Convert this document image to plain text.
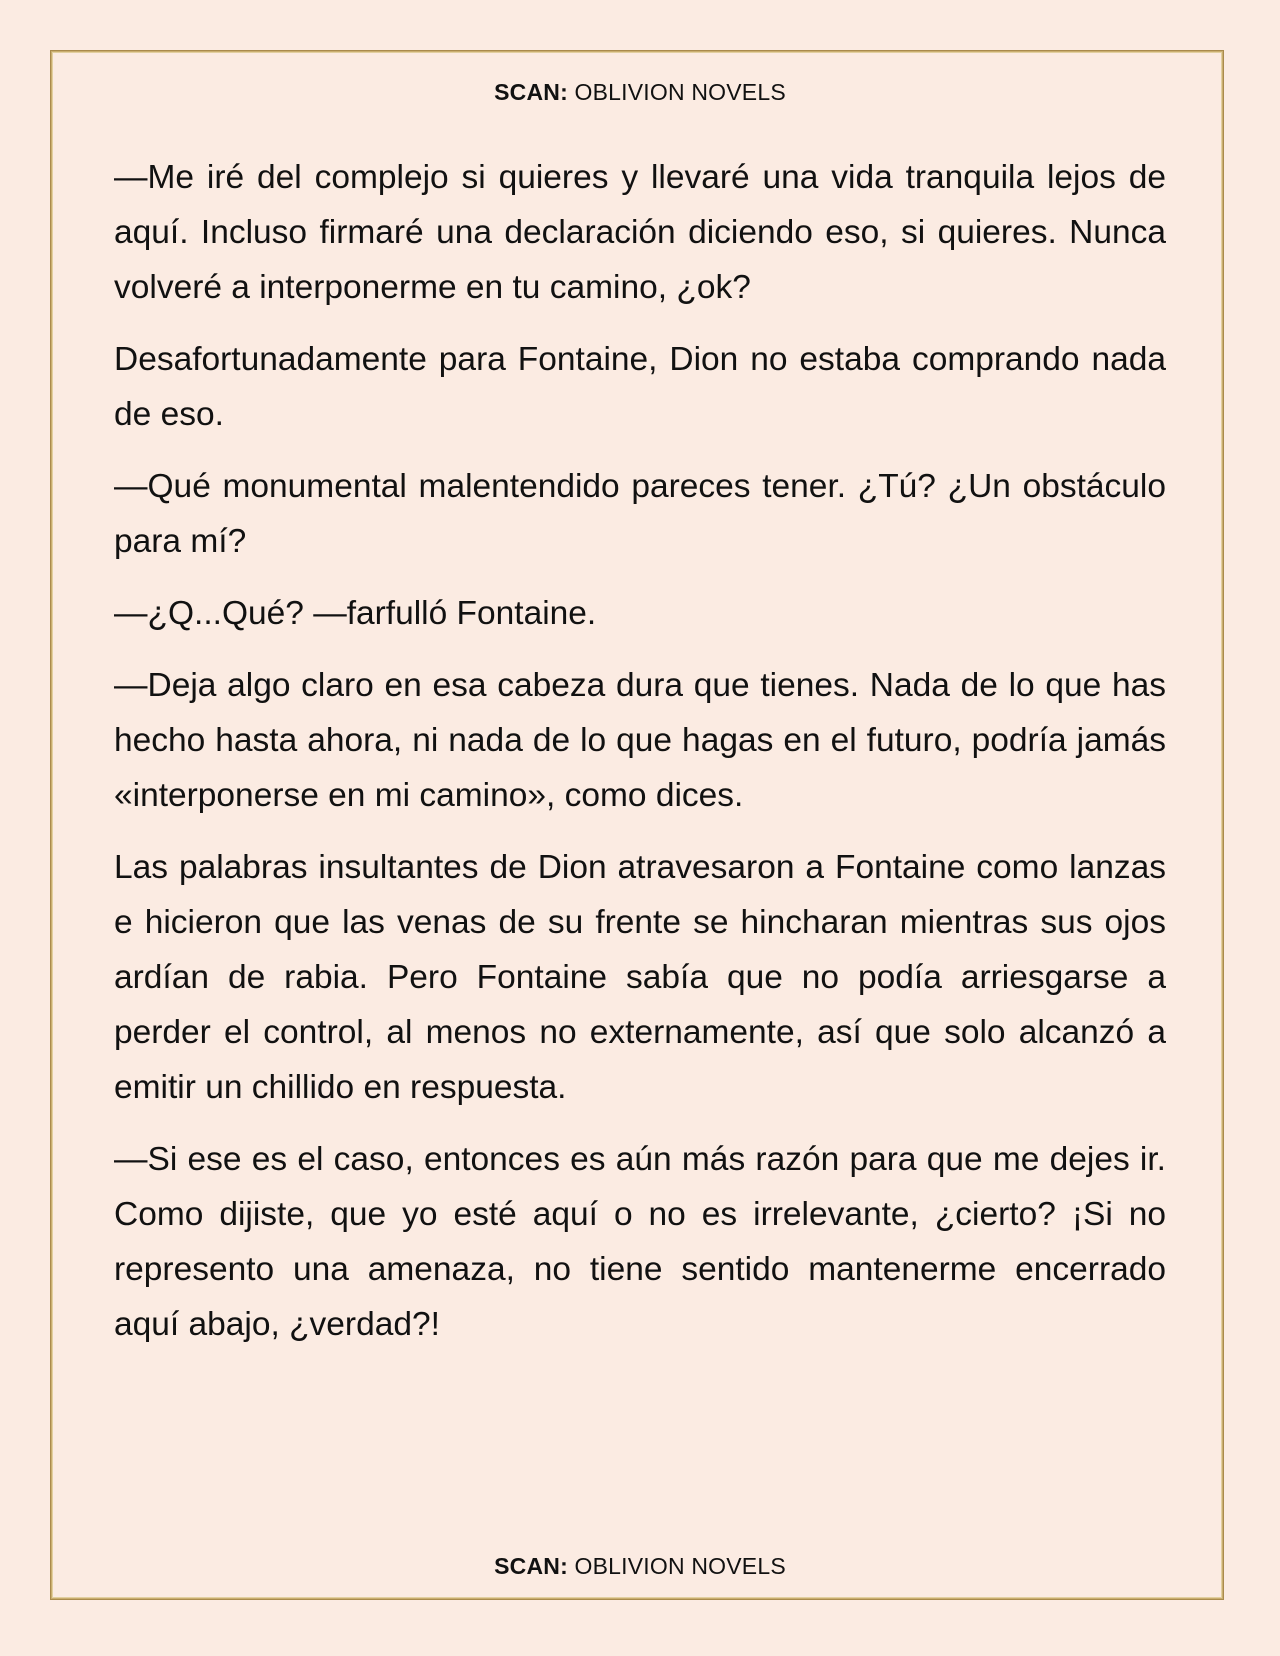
SCAN: OBLIVION NOVELS

—Me iré del complejo si quieres y llevaré una vida tranquila lejos de aquí. Incluso firmaré una declaración diciendo eso, si quieres. Nunca volveré a interponerme en tu camino, ¿ok?

Desafortunadamente para Fontaine, Dion no estaba comprando nada de eso.

—Qué monumental malentendido pareces tener. ¿Tú? ¿Un obstáculo para mí?

—¿Q...Qué? —farfulló Fontaine.

—Deja algo claro en esa cabeza dura que tienes. Nada de lo que has hecho hasta ahora, ni nada de lo que hagas en el futuro, podría jamás «interponerse en mi camino», como dices.

Las palabras insultantes de Dion atravesaron a Fontaine como lanzas e hicieron que las venas de su frente se hincharan mientras sus ojos ardían de rabia. Pero Fontaine sabía que no podía arriesgarse a perder el control, al menos no externamente, así que solo alcanzó a emitir un chillido en respuesta.

—Si ese es el caso, entonces es aún más razón para que me dejes ir. Como dijiste, que yo esté aquí o no es irrelevante, ¿cierto? ¡Si no represento una amenaza, no tiene sentido mantenerme encerrado aquí abajo, ¿verdad?!

SCAN: OBLIVION NOVELS
